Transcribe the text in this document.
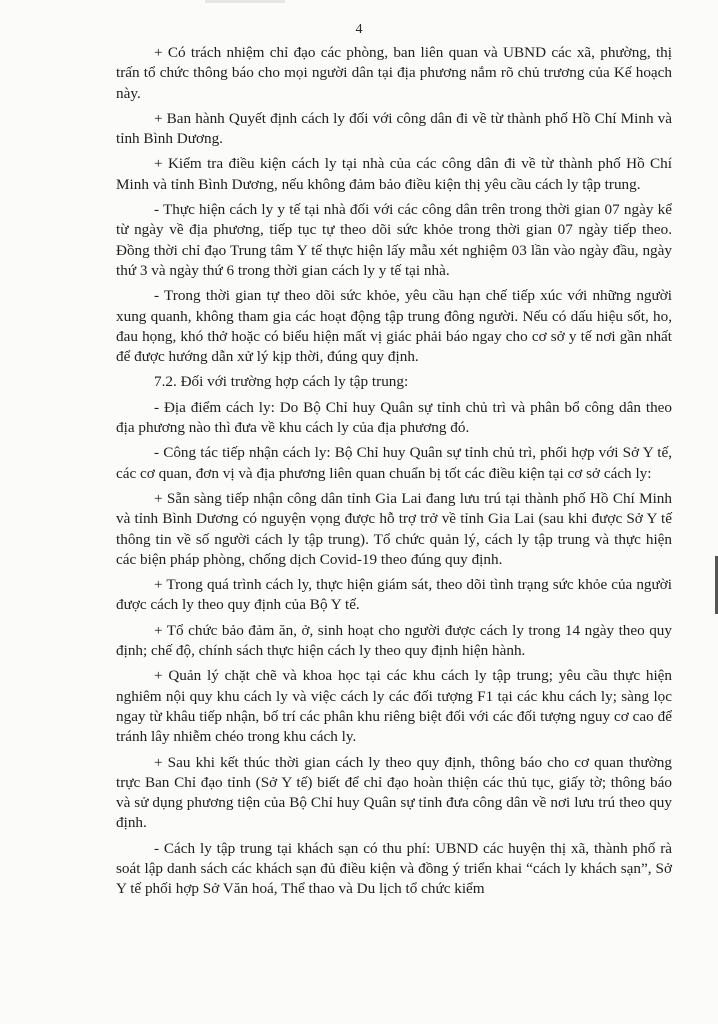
4

+ Có trách nhiệm chỉ đạo các phòng, ban liên quan và UBND các xã, phường, thị trấn tổ chức thông báo cho mọi người dân tại địa phương nắm rõ chủ trương của Kế hoạch này.

+ Ban hành Quyết định cách ly đối với công dân đi về từ thành phố Hồ Chí Minh và tỉnh Bình Dương.

+ Kiểm tra điều kiện cách ly tại nhà của các công dân đi về từ thành phố Hồ Chí Minh và tỉnh Bình Dương, nếu không đảm bảo điều kiện thị yêu cầu cách ly tập trung.

- Thực hiện cách ly y tế tại nhà đối với các công dân trên trong thời gian 07 ngày kể từ ngày về địa phương, tiếp tục tự theo dõi sức khỏe trong thời gian 07 ngày tiếp theo. Đồng thời chỉ đạo Trung tâm Y tế thực hiện lấy mẫu xét nghiệm 03 lần vào ngày đầu, ngày thứ 3 và ngày thứ 6 trong thời gian cách ly y tế tại nhà.

- Trong thời gian tự theo dõi sức khỏe, yêu cầu hạn chế tiếp xúc với những người xung quanh, không tham gia các hoạt động tập trung đông người. Nếu có dấu hiệu sốt, ho, đau họng, khó thở hoặc có biểu hiện mất vị giác phải báo ngay cho cơ sở y tế nơi gần nhất để được hướng dẫn xử lý kịp thời, đúng quy định.

7.2. Đối với trường hợp cách ly tập trung:

- Địa điểm cách ly: Do Bộ Chỉ huy Quân sự tỉnh chủ trì và phân bổ công dân theo địa phương nào thì đưa về khu cách ly của địa phương đó.

- Công tác tiếp nhận cách ly: Bộ Chỉ huy Quân sự tỉnh chủ trì, phối hợp với Sở Y tế, các cơ quan, đơn vị và địa phương liên quan chuẩn bị tốt các điều kiện tại cơ sở cách ly:

+ Sẵn sàng tiếp nhận công dân tỉnh Gia Lai đang lưu trú tại thành phố Hồ Chí Minh và tỉnh Bình Dương có nguyện vọng được hỗ trợ trở về tỉnh Gia Lai (sau khi được Sở Y tế thông tin về số người cách ly tập trung). Tổ chức quản lý, cách ly tập trung và thực hiện các biện pháp phòng, chống dịch Covid-19 theo đúng quy định.

+ Trong quá trình cách ly, thực hiện giám sát, theo dõi tình trạng sức khỏe của người được cách ly theo quy định của Bộ Y tế.

+ Tổ chức bảo đảm ăn, ở, sinh hoạt cho người được cách ly trong 14 ngày theo quy định; chế độ, chính sách thực hiện cách ly theo quy định hiện hành.

+ Quản lý chặt chẽ và khoa học tại các khu cách ly tập trung; yêu cầu thực hiện nghiêm nội quy khu cách ly và việc cách ly các đối tượng F1 tại các khu cách ly; sàng lọc ngay từ khâu tiếp nhận, bố trí các phân khu riêng biệt đối với các đối tượng nguy cơ cao để tránh lây nhiễm chéo trong khu cách ly.

+ Sau khi kết thúc thời gian cách ly theo quy định, thông báo cho cơ quan thường trực Ban Chỉ đạo tỉnh (Sở Y tế) biết để chỉ đạo hoàn thiện các thủ tục, giấy tờ; thông báo và sử dụng phương tiện của Bộ Chỉ huy Quân sự tỉnh đưa công dân về nơi lưu trú theo quy định.

- Cách ly tập trung tại khách sạn có thu phí: UBND các huyện thị xã, thành phố rà soát lập danh sách các khách sạn đủ điều kiện và đồng ý triển khai “cách ly khách sạn”, Sở Y tế phối hợp Sở Văn hoá, Thể thao và Du lịch tổ chức kiểm
